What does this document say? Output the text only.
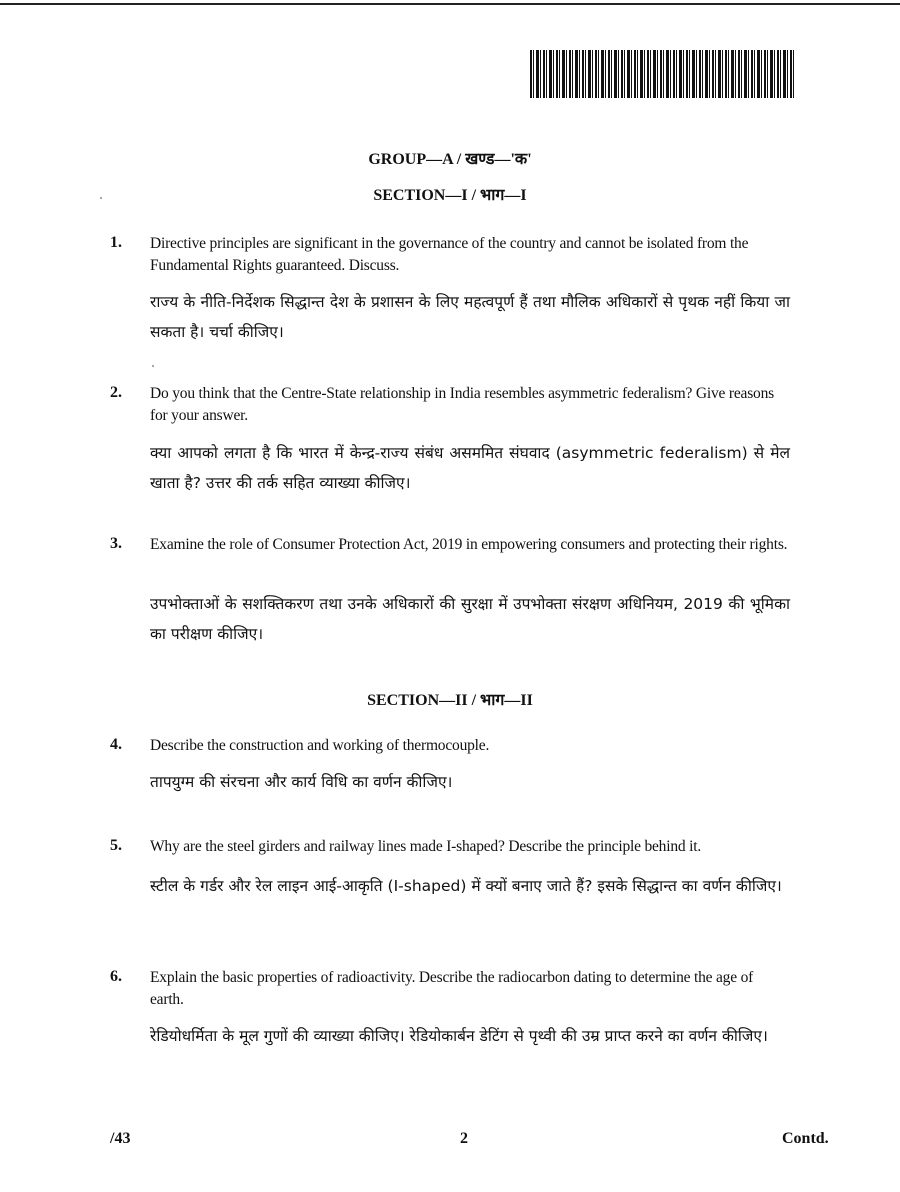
GROUP—A / खण्ड—'क'
SECTION—I / भाग—I
1. Directive principles are significant in the governance of the country and cannot be isolated from the Fundamental Rights guaranteed. Discuss.
राज्य के नीति-निर्देशक सिद्धान्त देश के प्रशासन के लिए महत्वपूर्ण हैं तथा मौलिक अधिकारों से पृथक नहीं किया जा सकता है। चर्चा कीजिए।
2. Do you think that the Centre-State relationship in India resembles asymmetric federalism? Give reasons for your answer.
क्या आपको लगता है कि भारत में केन्द्र-राज्य संबंध असममित संघवाद (asymmetric federalism) से मेल खाता है? उत्तर की तर्क सहित व्याख्या कीजिए।
3. Examine the role of Consumer Protection Act, 2019 in empowering consumers and protecting their rights.
उपभोक्ताओं के सशक्तिकरण तथा उनके अधिकारों की सुरक्षा में उपभोक्ता संरक्षण अधिनियम, 2019 की भूमिका का परीक्षण कीजिए।
SECTION—II / भाग—II
4. Describe the construction and working of thermocouple.
तापयुग्म की संरचना और कार्य विधि का वर्णन कीजिए।
5. Why are the steel girders and railway lines made I-shaped? Describe the principle behind it.
स्टील के गर्डर और रेल लाइन आई-आकृति (I-shaped) में क्यों बनाए जाते हैं? इसके सिद्धान्त का वर्णन कीजिए।
6. Explain the basic properties of radioactivity. Describe the radiocarbon dating to determine the age of earth.
रेडियोधर्मिता के मूल गुणों की व्याख्या कीजिए। रेडियोकार्बन डेटिंग से पृथ्वी की उम्र प्राप्त करने का वर्णन कीजिए।
/43	2	Contd.
